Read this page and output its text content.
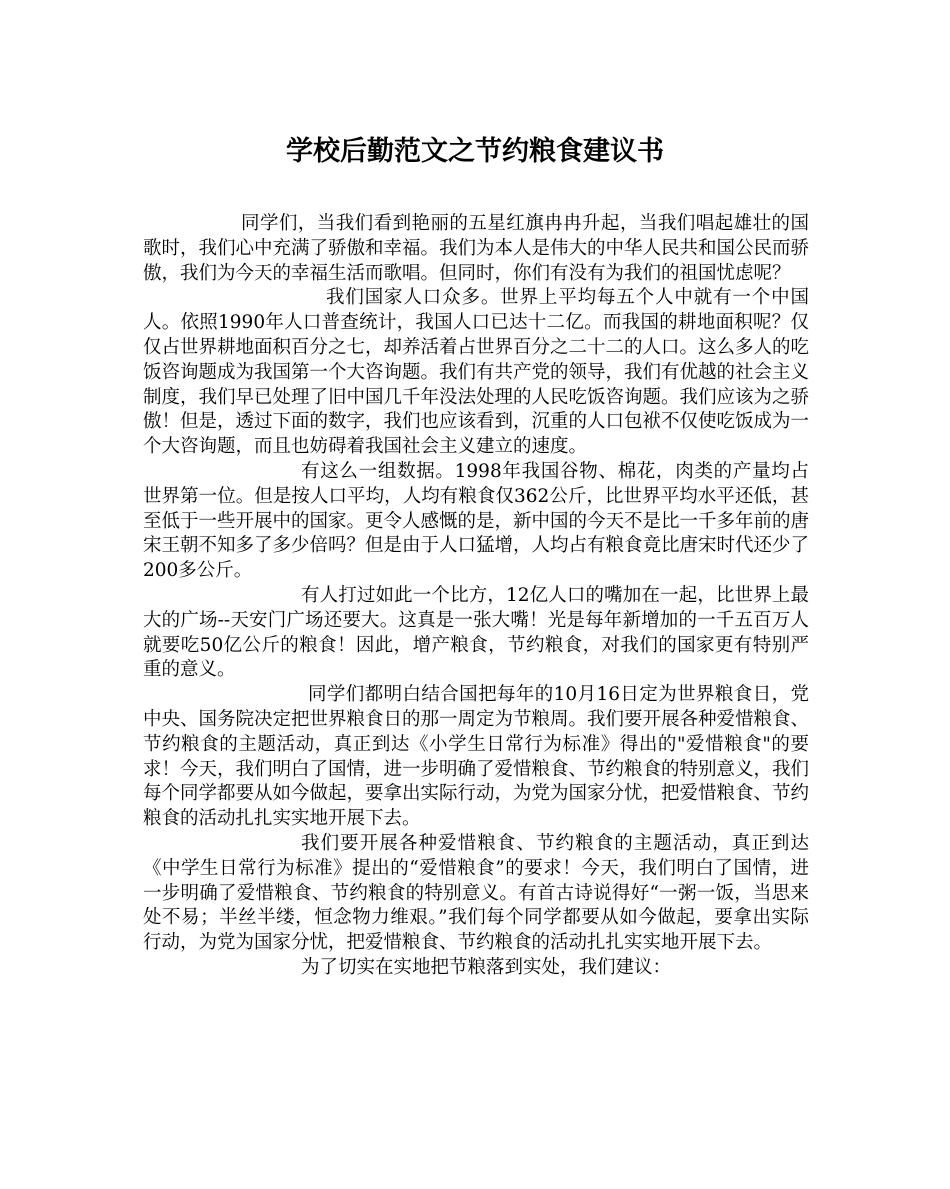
学校后勤范文之节约粮食建议书

同学们，当我们看到艳丽的五星红旗冉冉升起，当我们唱起雄壮的国歌时，我们心中充满了骄傲和幸福。我们为本人是伟大的中华人民共和国公民而骄傲，我们为今天的幸福生活而歌唱。但同时，你们有没有为我们的祖国忧虑呢？

我们国家人口众多。世界上平均每五个人中就有一个中国人。依照1990年人口普查统计，我国人口已达十二亿。而我国的耕地面积呢？仅仅占世界耕地面积百分之七，却养活着占世界百分之二十二的人口。这么多人的吃饭咨询题成为我国第一个大咨询题。我们有共产党的领导，我们有优越的社会主义制度，我们早已处理了旧中国几千年没法处理的人民吃饭咨询题。我们应该为之骄傲！但是，透过下面的数字，我们也应该看到，沉重的人口包袱不仅使吃饭成为一个大咨询题，而且也妨碍着我国社会主义建立的速度。

有这么一组数据。1998年我国谷物、棉花，肉类的产量均占世界第一位。但是按人口平均，人均有粮食仅362公斤，比世界平均水平还低，甚至低于一些开展中的国家。更令人感慨的是，新中国的今天不是比一千多年前的唐宋王朝不知多了多少倍吗？但是由于人口猛增，人均占有粮食竟比唐宋时代还少了200多公斤。

有人打过如此一个比方，12亿人口的嘴加在一起，比世界上最大的广场--天安门广场还要大。这真是一张大嘴！光是每年新增加的一千五百万人就要吃50亿公斤的粮食！因此，增产粮食，节约粮食，对我们的国家更有特别严重的意义。

同学们都明白结合国把每年的10月16日定为世界粮食日，党中央、国务院决定把世界粮食日的那一周定为节粮周。我们要开展各种爱惜粮食、节约粮食的主题活动，真正到达《小学生日常行为标准》得出的"爱惜粮食"的要求！今天，我们明白了国情，进一步明确了爱惜粮食、节约粮食的特别意义，我们每个同学都要从如今做起，要拿出实际行动，为党为国家分忧，把爱惜粮食、节约粮食的活动扎扎实实地开展下去。

我们要开展各种爱惜粮食、节约粮食的主题活动，真正到达《中学生日常行为标准》提出的“爱惜粮食”的要求！今天，我们明白了国情，进一步明确了爱惜粮食、节约粮食的特别意义。有首古诗说得好“一粥一饭，当思来处不易；半丝半缕，恒念物力维艰。”我们每个同学都要从如今做起，要拿出实际行动，为党为国家分忧，把爱惜粮食、节约粮食的活动扎扎实实地开展下去。

为了切实在实地把节粮落到实处，我们建议：
